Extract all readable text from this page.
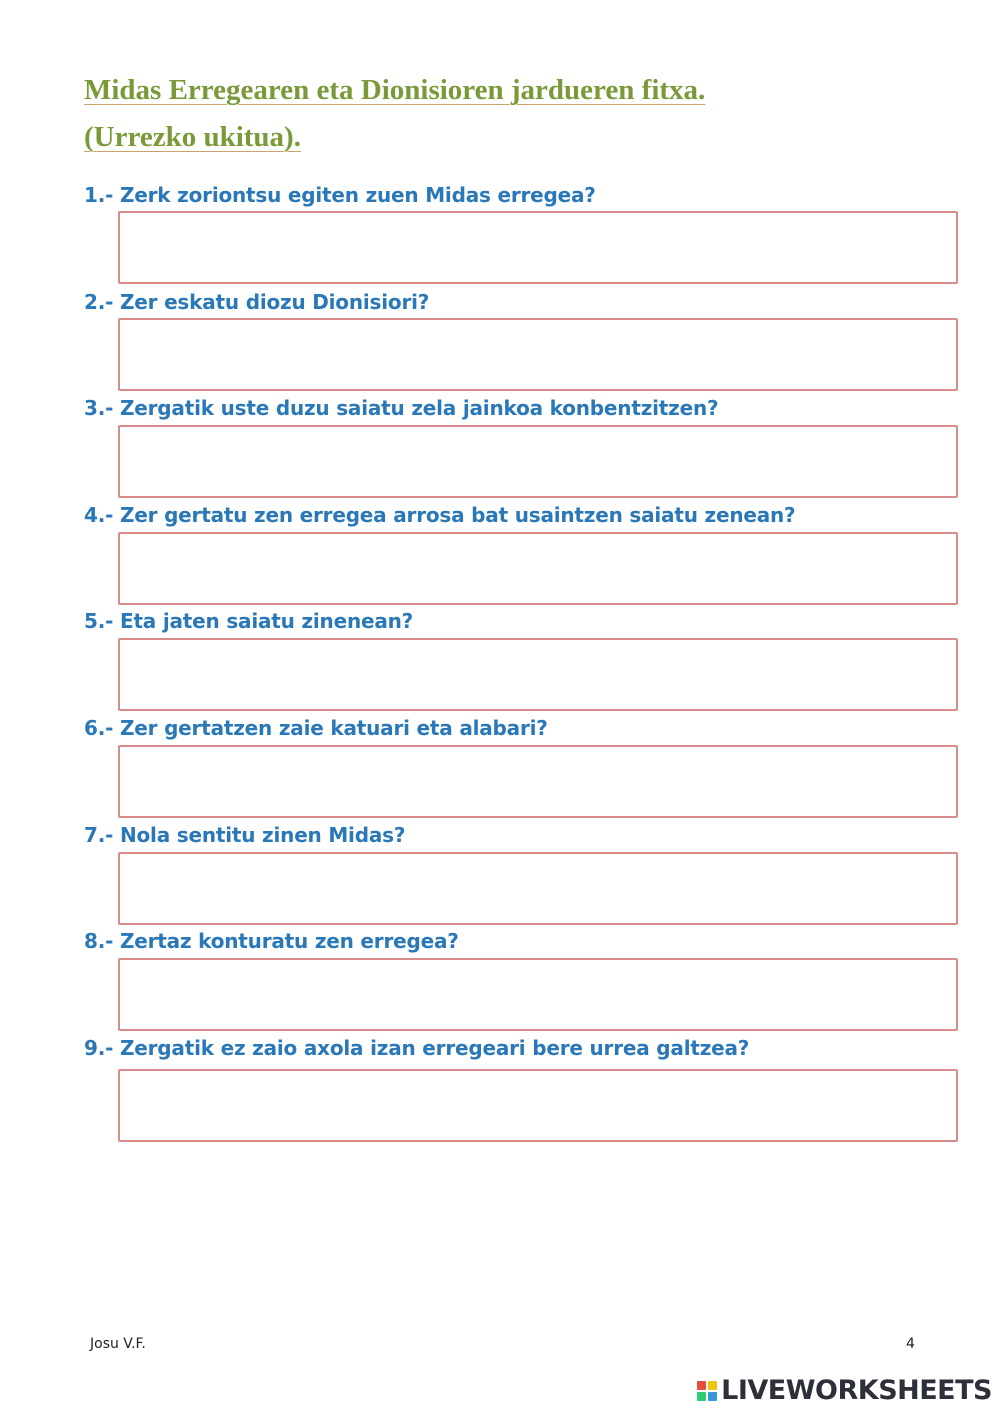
Midas Erregearen eta Dionisioren jardueren fitxa.
(Urrezko ukitua).
1.- Zerk zoriontsu egiten zuen Midas erregea?
2.- Zer eskatu diozu Dionisiori?
3.- Zergatik uste duzu saiatu zela jainkoa konbentzitzen?
4.- Zer gertatu zen erregea arrosa bat usaintzen saiatu zenean?
5.- Eta jaten saiatu zinenean?
6.- Zer gertatzen zaie katuari eta alabari?
7.- Nola sentitu zinen Midas?
8.- Zertaz konturatu zen erregea?
9.- Zergatik ez zaio axola izan erregeari bere urrea galtzea?
Josu V.F.	4
LIVEWORKSHEETS
